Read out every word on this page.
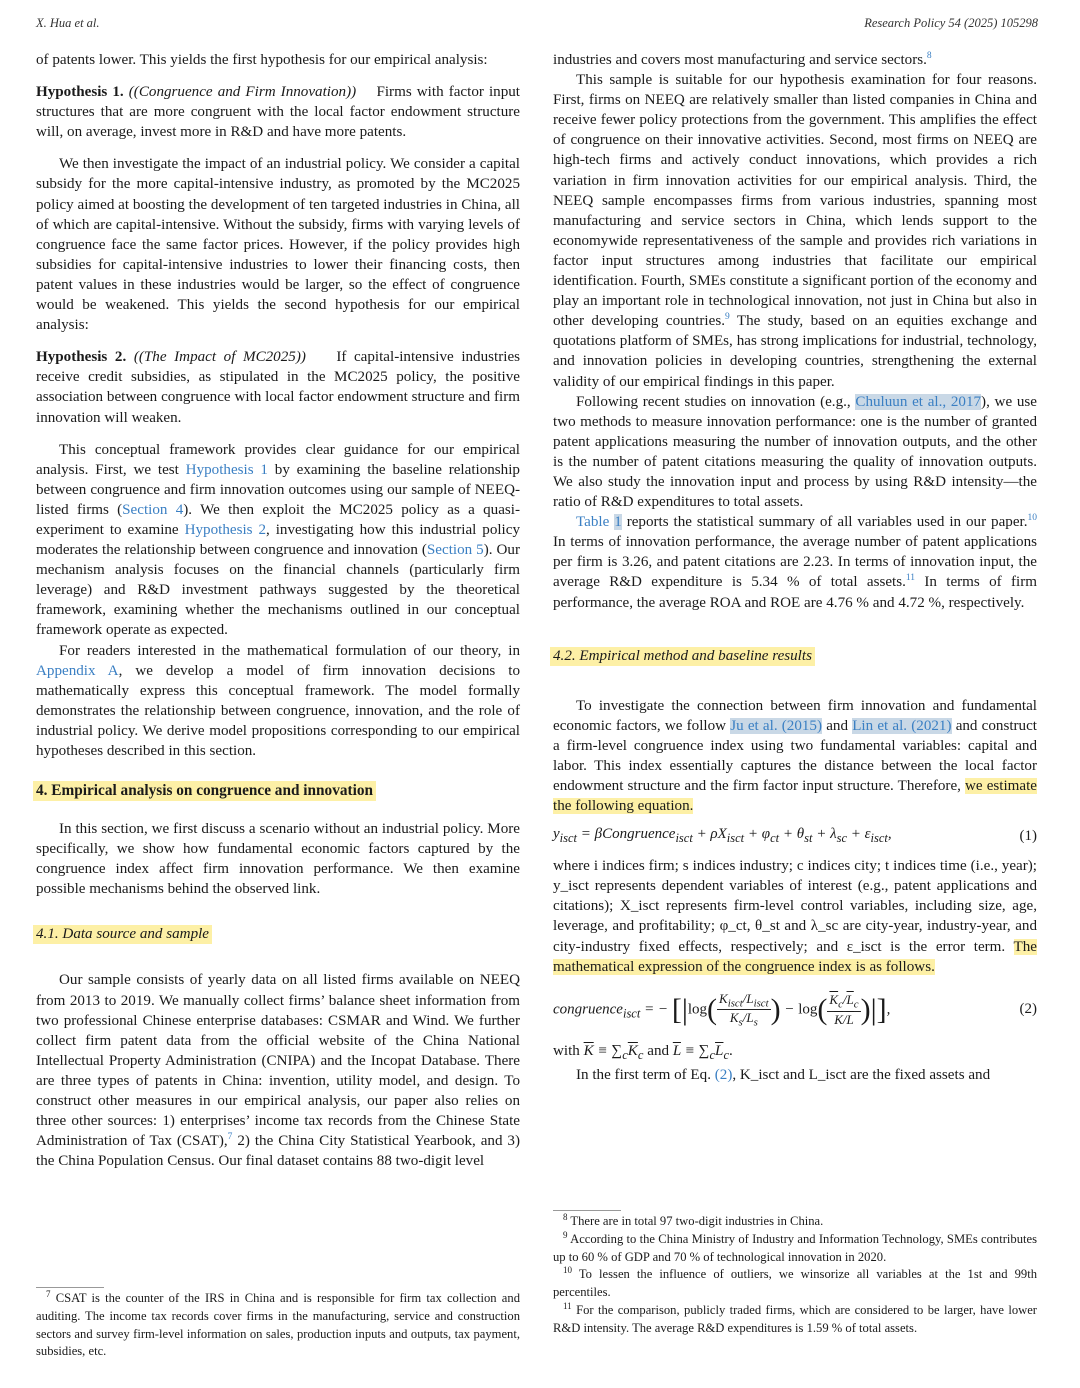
X. Hua et al.	Research Policy 54 (2025) 105298

of patents lower. This yields the first hypothesis for our empirical analysis:

Hypothesis 1. ((Congruence and Firm Innovation)) Firms with factor input structures that are more congruent with the local factor endowment structure will, on average, invest more in R&D and have more patents.

We then investigate the impact of an industrial policy. We consider a capital subsidy for the more capital-intensive industry, as promoted by the MC2025 policy aimed at boosting the development of ten targeted industries in China, all of which are capital-intensive. Without the subsidy, firms with varying levels of congruence face the same factor prices. However, if the policy provides high subsidies for capital-intensive industries to lower their financing costs, then patent values in these industries would be larger, so the effect of congruence would be weakened. This yields the second hypothesis for our empirical analysis:

Hypothesis 2. ((The Impact of MC2025)) If capital-intensive industries receive credit subsidies, as stipulated in the MC2025 policy, the positive association between congruence with local factor endowment structure and firm innovation will weaken.

This conceptual framework provides clear guidance for our empirical analysis. First, we test Hypothesis 1 by examining the baseline relationship between congruence and firm innovation outcomes using our sample of NEEQ-listed firms (Section 4). We then exploit the MC2025 policy as a quasi-experiment to examine Hypothesis 2, investigating how this industrial policy moderates the relationship between congruence and innovation (Section 5). Our mechanism analysis focuses on the financial channels (particularly firm leverage) and R&D investment pathways suggested by the theoretical framework, examining whether the mechanisms outlined in our conceptual framework operate as expected.

For readers interested in the mathematical formulation of our theory, in Appendix A, we develop a model of firm innovation decisions to mathematically express this conceptual framework. The model formally demonstrates the relationship between congruence, innovation, and the role of industrial policy. We derive model propositions corresponding to our empirical hypotheses described in this section.

4. Empirical analysis on congruence and innovation

In this section, we first discuss a scenario without an industrial policy. More specifically, we show how fundamental economic factors captured by the congruence index affect firm innovation performance. We then examine possible mechanisms behind the observed link.

4.1. Data source and sample

Our sample consists of yearly data on all listed firms available on NEEQ from 2013 to 2019. We manually collect firms’ balance sheet information from two professional Chinese enterprise databases: CSMAR and Wind. We further collect firm patent data from the official website of the China National Intellectual Property Administration (CNIPA) and the Incopat Database. There are three types of patents in China: invention, utility model, and design. To construct other measures in our empirical analysis, our paper also relies on three other sources: 1) enterprises’ income tax records from the Chinese State Administration of Tax (CSAT),$^7$ 2) the China City Statistical Yearbook, and 3) the China Population Census. Our final dataset contains 88 two-digit level

$^7$ CSAT is the counter of the IRS in China and is responsible for firm tax collection and auditing. The income tax records cover firms in the manufacturing, service and construction sectors and survey firm-level information on sales, production inputs and outputs, tax payment, subsidies, etc.

industries and covers most manufacturing and service sectors.$^8$

This sample is suitable for our hypothesis examination for four reasons. First, firms on NEEQ are relatively smaller than listed companies in China and receive fewer policy protections from the government. This amplifies the effect of congruence on their innovative activities. Second, most firms on NEEQ are high-tech firms and actively conduct innovations, which provides a rich variation in firm innovation activities for our empirical analysis. Third, the NEEQ sample encompasses firms from various industries, spanning most manufacturing and service sectors in China, which lends support to the economywide representativeness of the sample and provides rich variations in factor input structures among industries that facilitate our empirical identification. Fourth, SMEs constitute a significant portion of the economy and play an important role in technological innovation, not just in China but also in other developing countries.$^9$ The study, based on an equities exchange and quotations platform of SMEs, has strong implications for industrial, technology, and innovation policies in developing countries, strengthening the external validity of our empirical findings in this paper.

Following recent studies on innovation (e.g., Chuluun et al., 2017), we use two methods to measure innovation performance: one is the number of granted patent applications measuring the number of innovation outputs, and the other is the number of patent citations measuring the quality of innovation outputs. We also study the innovation input and process by using R&D intensity—the ratio of R&D expenditures to total assets.

Table 1 reports the statistical summary of all variables used in our paper.$^{10}$ In terms of innovation performance, the average number of patent applications per firm is 3.26, and patent citations are 2.23. In terms of innovation input, the average R&D expenditure is 5.34 % of total assets.$^{11}$ In terms of firm performance, the average ROA and ROE are 4.76 % and 4.72 %, respectively.

4.2. Empirical method and baseline results

To investigate the connection between firm innovation and fundamental economic factors, we follow Ju et al. (2015) and Lin et al. (2021) and construct a firm-level congruence index using two fundamental variables: capital and labor. This index essentially captures the distance between the local factor endowment structure and the firm factor input structure. Therefore, we estimate the following equation.

$y_{isct}$ = βCongruence$_{isct}$ + $\rho X_{isct} + \varphi_{ct} + \theta_{st} + \lambda_{sc} + \varepsilon_{isct}$,	(1)

where i indices firm; s indices industry; c indices city; t indices time (i.e., year); y_isct represents dependent variables of interest (e.g., patent applications and citations); X_isct represents firm-level control variables, including size, age, leverage, and profitability; φ_ct, θ_st and λ_sc are city-year, industry-year, and city-industry fixed effects, respectively; and ε_isct is the error term. The mathematical expression of the congruence index is as follows.

congruence$_{isct}$ = − [$|\log( \frac{K_{isct}/L_{isct}}{K_s/L_s}$ ) − $\log( \frac{\overline{K}_c/\overline{L}_c}{\overline{K}/\overline{L}}$ )|],	(2)

with $\overline{K} \equiv \sum_c\overline{K}_c$ and $\overline{L} \equiv \sum_c\overline{L}_c$.

In the first term of Eq. (2), K_isct and L_isct are the fixed assets and

$^8$ There are in total 97 two-digit industries in China.
$^9$ According to the China Ministry of Industry and Information Technology, SMEs contributes up to 60 % of GDP and 70 % of technological innovation in 2020.
$^{10}$ To lessen the influence of outliers, we winsorize all variables at the 1st and 99th percentiles.
$^{11}$ For the comparison, publicly traded firms, which are considered to be larger, have lower R&D intensity. The average R&D expenditures is 1.59 % of total assets.
